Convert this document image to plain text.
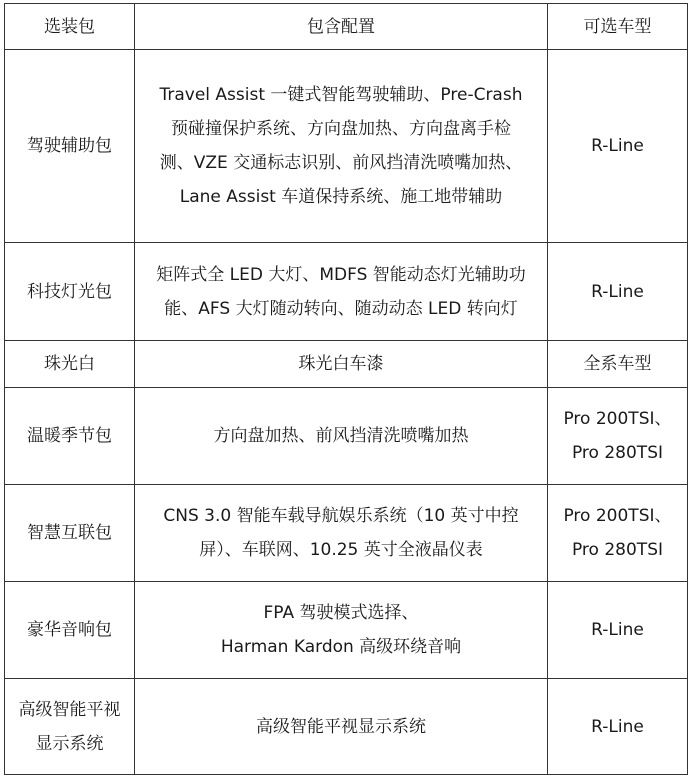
选装包	包含配置	可选车型

驾驶辅助包	Travel Assist 一键式智能驾驶辅助、Pre-Crash
预碰撞保护系统、方向盘加热、方向盘离手检
测、VZE 交通标志识别、前风挡清洗喷嘴加热、
Lane Assist 车道保持系统、施工地带辅助	R-Line

科技灯光包	矩阵式全 LED 大灯、MDFS 智能动态灯光辅助功
能、AFS 大灯随动转向、随动动态 LED 转向灯	R-Line

珠光白	珠光白车漆	全系车型

温暖季节包	方向盘加热、前风挡清洗喷嘴加热	Pro 200TSI、
Pro 280TSI

智慧互联包	CNS 3.0 智能车载导航娱乐系统（10 英寸中控
屏）、车联网、10.25 英寸全液晶仪表	Pro 200TSI、
Pro 280TSI

豪华音响包	FPA 驾驶模式选择、
Harman Kardon 高级环绕音响	R-Line

高级智能平视
显示系统	高级智能平视显示系统	R-Line
